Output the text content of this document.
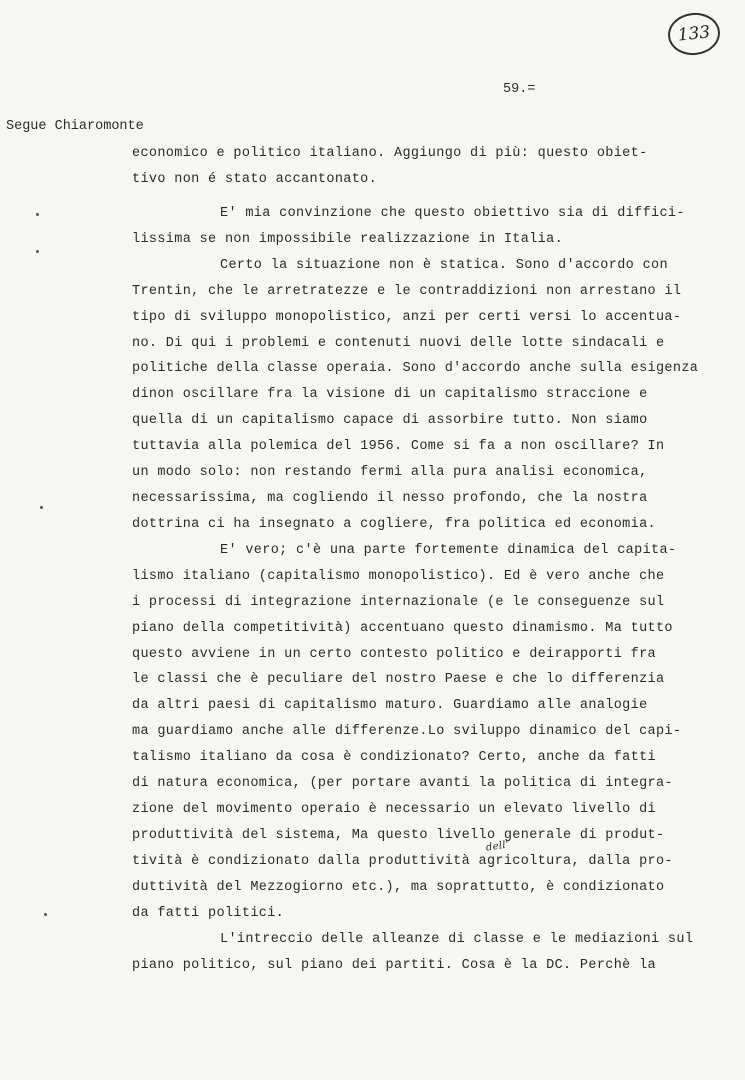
133
59.=
Segue Chiaromonte
economico e politico italiano. Aggiungo di più: questo obiet-
tivo non é stato accantonato.
E' mia convinzione che questo obiettivo sia di diffici-
lissima se non impossibile realizzazione in Italia.
Certo la situazione non è statica. Sono d'accordo con
Trentin, che le arretratezze e le contraddizioni non arrestano il
tipo di sviluppo monopolistico, anzi per certi versi lo accentua-
no. Di qui i problemi e contenuti nuovi delle lotte sindacali e
politiche della classe operaia. Sono d'accordo anche sulla esigenza
dinon oscillare fra la visione di un capitalismo straccione e
quella di un capitalismo capace di assorbire tutto. Non siamo
tuttavia alla polemica del 1956. Come si fa a non oscillare? In
un modo solo: non restando fermi alla pura analisi economica,
necessarissima, ma cogliendo il nesso profondo, che la nostra
dottrina ci ha insegnato a cogliere, fra politica ed economia.
E' vero; c'è una parte fortemente dinamica del capita-
lismo italiano (capitalismo monopolistico). Ed è vero anche che
i processi di integrazione internazionale (e le conseguenze sul
piano della competitività) accentuano questo dinamismo. Ma tutto
questo avviene in un certo contesto politico e deirapporti fra
le classi che è peculiare del nostro Paese e che lo differenzia
da altri paesi di capitalismo maturo. Guardiamo alle analogie
ma guardiamo anche alle differenze.Lo sviluppo dinamico del capi-
talismo italiano da cosa è condizionato? Certo, anche da fatti
di natura economica, (per portare avanti la politica di integra-
zione del movimento operaio è necessario un elevato livello di
produttività del sistema, Ma questo livello generale di produt-
tività è condizionato dalla produttività agricoltura, dalla pro-
duttività del Mezzogiorno etc.), ma soprattutto, è condizionato
da fatti politici.
L'intreccio delle alleanze di classe e le mediazioni sul
piano politico, sul piano dei partiti. Cosa è la DC. Perchè la
dell'
